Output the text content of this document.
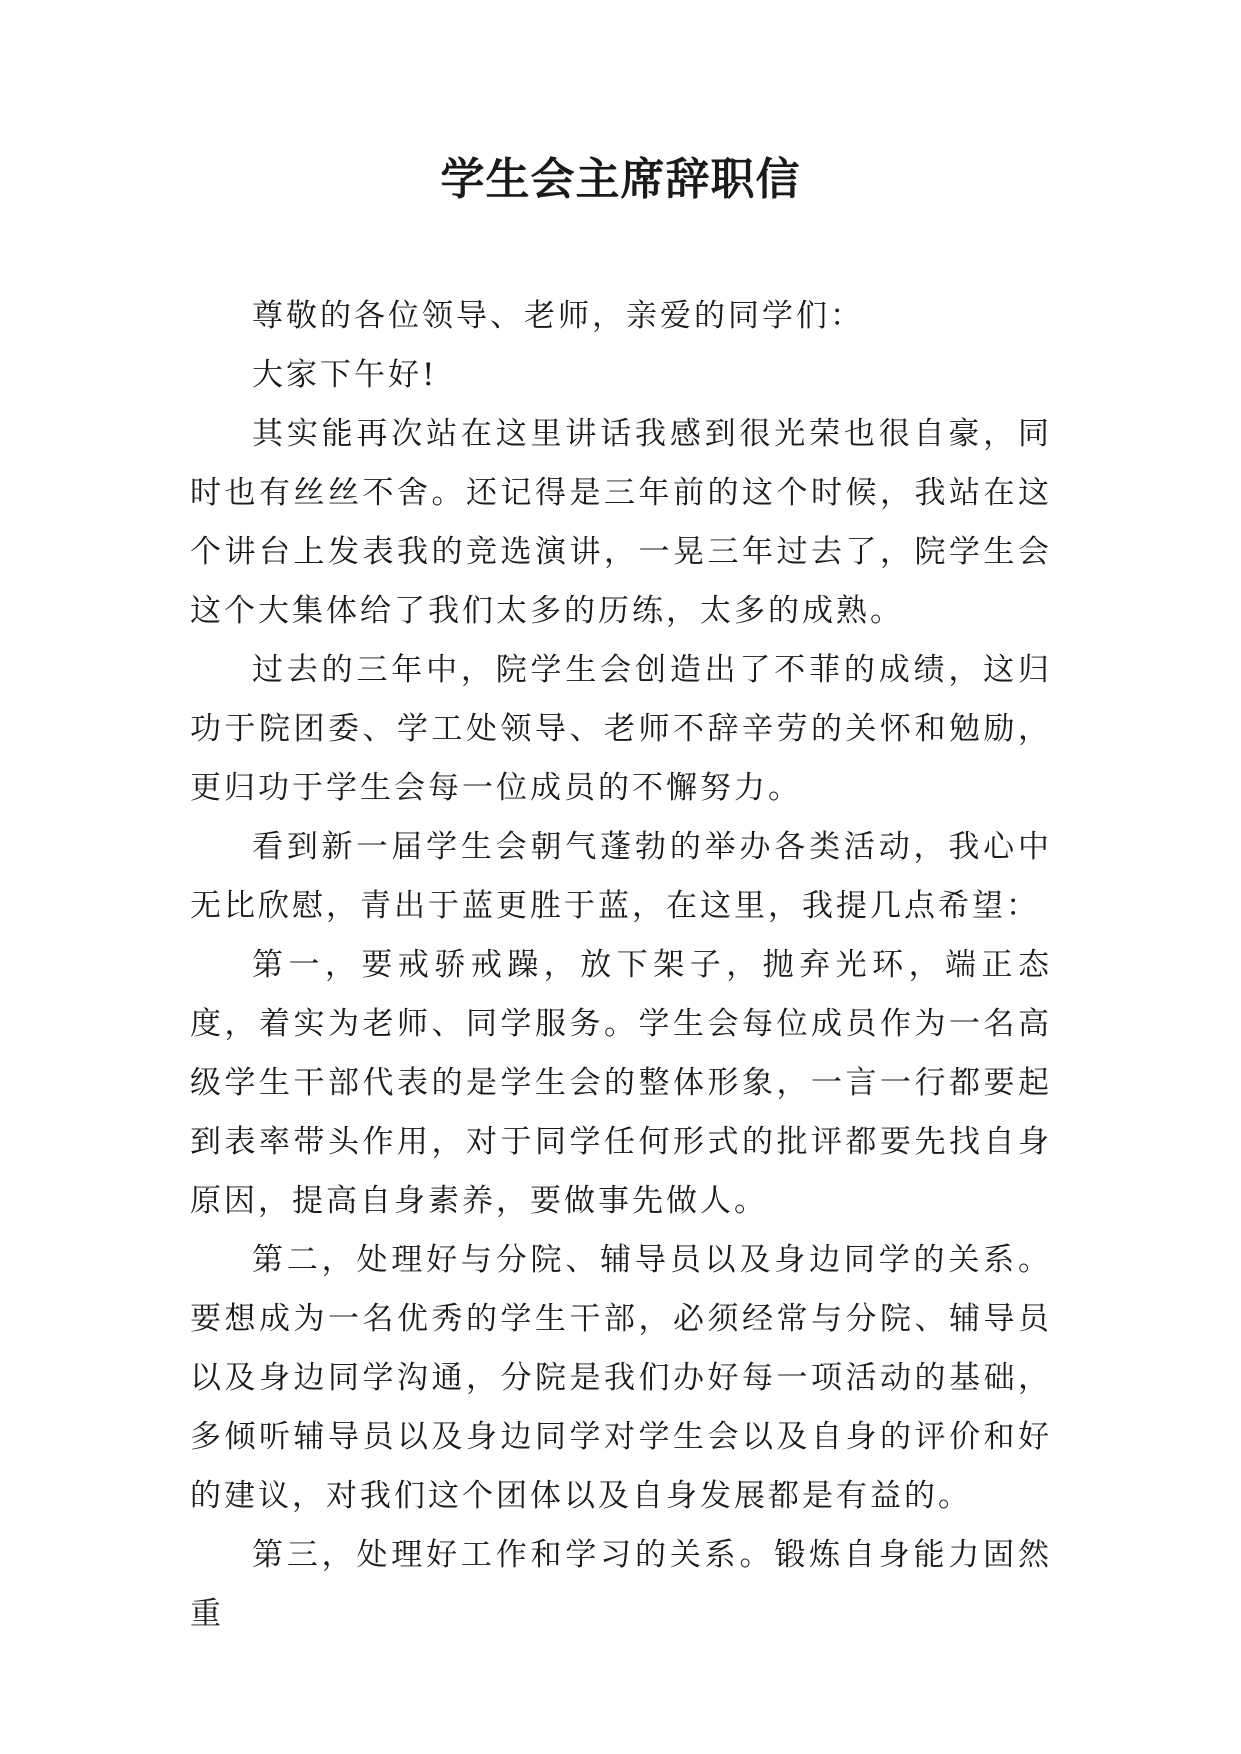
学生会主席辞职信

尊敬的各位领导、老师，亲爱的同学们：

大家下午好!

其实能再次站在这里讲话我感到很光荣也很自豪，同时也有丝丝不舍。还记得是三年前的这个时候，我站在这个讲台上发表我的竞选演讲，一晃三年过去了，院学生会这个大集体给了我们太多的历练，太多的成熟。

过去的三年中，院学生会创造出了不菲的成绩，这归功于院团委、学工处领导、老师不辞辛劳的关怀和勉励，更归功于学生会每一位成员的不懈努力。

看到新一届学生会朝气蓬勃的举办各类活动，我心中无比欣慰，青出于蓝更胜于蓝，在这里，我提几点希望：

第一，要戒骄戒躁，放下架子，抛弃光环，端正态度，着实为老师、同学服务。学生会每位成员作为一名高级学生干部代表的是学生会的整体形象，一言一行都要起到表率带头作用，对于同学任何形式的批评都要先找自身原因，提高自身素养，要做事先做人。

第二，处理好与分院、辅导员以及身边同学的关系。要想成为一名优秀的学生干部，必须经常与分院、辅导员以及身边同学沟通，分院是我们办好每一项活动的基础，多倾听辅导员以及身边同学对学生会以及自身的评价和好的建议，对我们这个团体以及自身发展都是有益的。

第三，处理好工作和学习的关系。锻炼自身能力固然重
